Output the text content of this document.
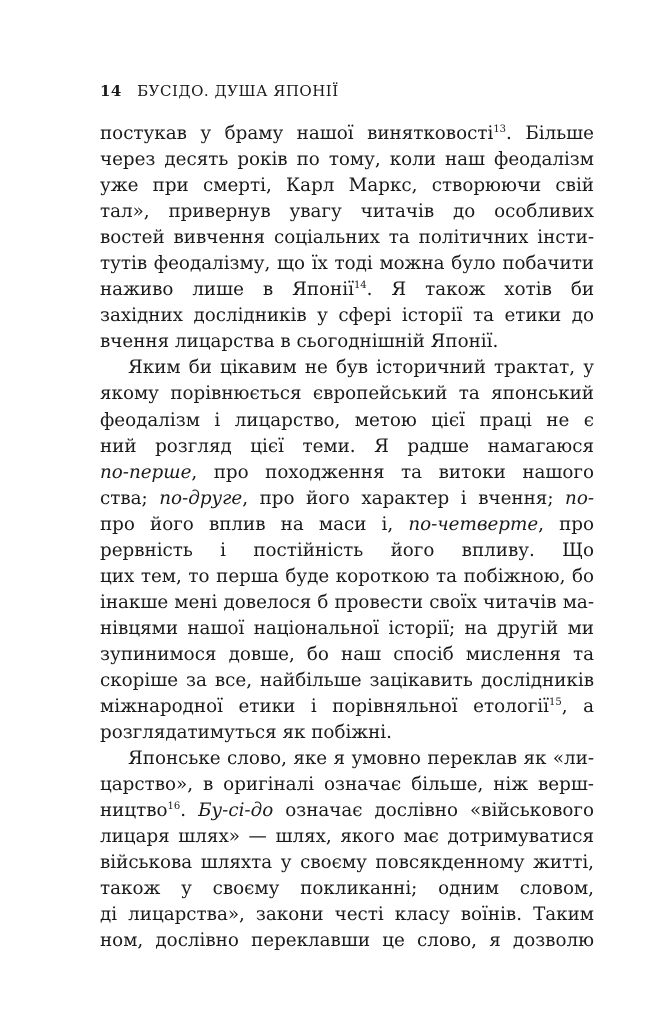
14 БУСІДО. ДУША ЯПОНІЇ
постукав у браму нашої винятковості$^{13}$. Більше
через десять років по тому, коли наш феодалізм
уже при смерті, Карл Маркс, створюючи свій
тал», привернув увагу читачів до особливих
востей вивчення соціальних та політичних інсти-
тутів феодалізму, що їх тоді можна було побачити
наживо лише в Японії$^{14}$. Я також хотів би
західних дослідників у сфері історії та етики до
вчення лицарства в сьогоднішній Японії.
Яким би цікавим не був історичний трактат, у
якому порівнюється європейський та японський
феодалізм і лицарство, метою цієї праці не є
ний розгляд цієї теми. Я радше намагаюся
по-перше, про походження та витоки нашого
ства; по-друге, про його характер і вчення; по-
про його вплив на маси і, по-четверте, про
рервність і постійність його впливу. Що
цих тем, то перша буде короткою та побіжною, бо
інакше мені довелося б провести своїх читачів ма-
нівцями нашої національної історії; на другій ми
зупинимося довше, бо наш спосіб мислення та
скоріше за все, найбільше зацікавить дослідників
міжнародної етики і порівняльної етології$^{15}$, а
розглядатимуться як побіжні.
Японське слово, яке я умовно переклав як «ли-
царство», в оригіналі означає більше, ніж верш-
ництво$^{16}$. Бу-сі-до означає дослівно «військового
лицаря шлях» — шлях, якого має дотримуватися
військова шляхта у своєму повсякденному житті,
також у своєму покликанні; одним словом,
ді лицарства», закони честі класу воїнів. Таким
ном, дослівно переклавши це слово, я дозволю
